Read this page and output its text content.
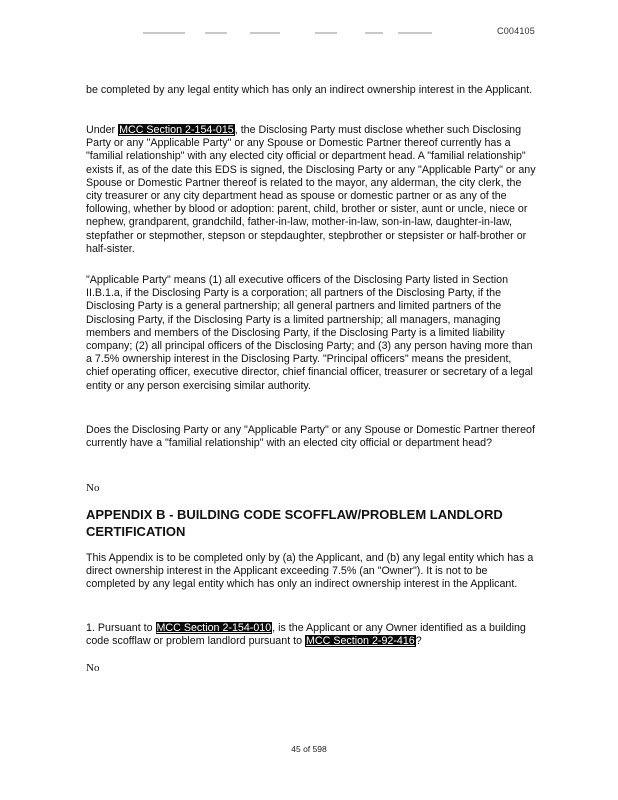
C004105

be completed by any legal entity which has only an indirect ownership interest in the Applicant.

Under MCC Section 2-154-015, the Disclosing Party must disclose whether such Disclosing Party or any "Applicable Party" or any Spouse or Domestic Partner thereof currently has a "familial relationship" with any elected city official or department head. A "familial relationship" exists if, as of the date this EDS is signed, the Disclosing Party or any "Applicable Party" or any Spouse or Domestic Partner thereof is related to the mayor, any alderman, the city clerk, the city treasurer or any city department head as spouse or domestic partner or as any of the following, whether by blood or adoption: parent, child, brother or sister, aunt or uncle, niece or nephew, grandparent, grandchild, father-in-law, mother-in-law, son-in-law, daughter-in-law, stepfather or stepmother, stepson or stepdaughter, stepbrother or stepsister or half-brother or half-sister.

"Applicable Party" means (1) all executive officers of the Disclosing Party listed in Section II.B.1.a, if the Disclosing Party is a corporation; all partners of the Disclosing Party, if the Disclosing Party is a general partnership; all general partners and limited partners of the Disclosing Party, if the Disclosing Party is a limited partnership; all managers, managing members and members of the Disclosing Party, if the Disclosing Party is a limited liability company; (2) all principal officers of the Disclosing Party; and (3) any person having more than a 7.5% ownership interest in the Disclosing Party. "Principal officers" means the president, chief operating officer, executive director, chief financial officer, treasurer or secretary of a legal entity or any person exercising similar authority.

Does the Disclosing Party or any "Applicable Party" or any Spouse or Domestic Partner thereof currently have a "familial relationship" with an elected city official or department head?

No
APPENDIX B - BUILDING CODE SCOFFLAW/PROBLEM LANDLORD CERTIFICATION

This Appendix is to be completed only by (a) the Applicant, and (b) any legal entity which has a direct ownership interest in the Applicant exceeding 7.5% (an "Owner"). It is not to be completed by any legal entity which has only an indirect ownership interest in the Applicant.

1. Pursuant to MCC Section 2-154-010, is the Applicant or any Owner identified as a building code scofflaw or problem landlord pursuant to MCC Section 2-92-416?

No
45 of 598
